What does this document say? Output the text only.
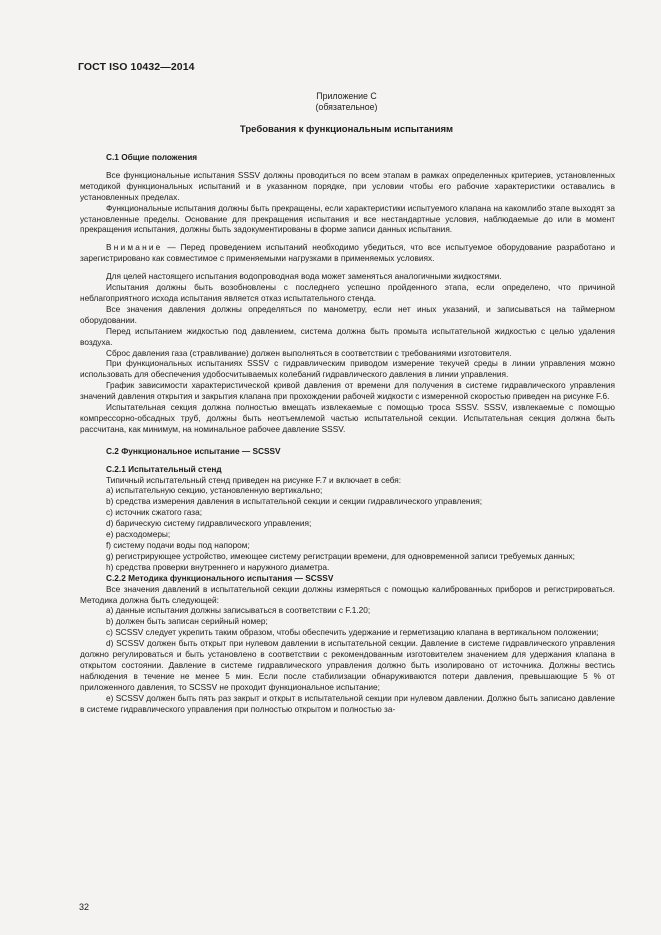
ГОСТ ISO 10432—2014
Приложение С
(обязательное)
Требования к функциональным испытаниям

С.1 Общие положения

Все функциональные испытания SSSV должны проводиться по всем этапам в рамках определенных критериев, установленных методикой функциональных испытаний и в указанном порядке, при условии чтобы его рабочие характеристики оставались в установленных пределах.

Функциональные испытания должны быть прекращены, если характеристики испытуемого клапана на какомлибо этапе выходят за установленные пределы. Основание для прекращения испытания и все нестандартные условия, наблюдаемые до или в момент прекращения испытания, должны быть задокументированы в форме записи данных испытания.

Внимание — Перед проведением испытаний необходимо убедиться, что все испытуемое оборудование разработано и зарегистрировано как совместимое с применяемыми нагрузками в применяемых условиях.

Для целей настоящего испытания водопроводная вода может заменяться аналогичными жидкостями.

Испытания должны быть возобновлены с последнего успешно пройденного этапа, если определено, что причиной неблагоприятного исхода испытания является отказ испытательного стенда.

Все значения давления должны определяться по манометру, если нет иных указаний, и записываться на таймерном оборудовании.

Перед испытанием жидкостью под давлением, система должна быть промыта испытательной жидкостью с целью удаления воздуха.

Сброс давления газа (стравливание) должен выполняться в соответствии с требованиями изготовителя.

При функциональных испытаниях SSSV с гидравлическим приводом измерение текучей среды в линии управления можно использовать для обеспечения удобосчитываемых колебаний гидравлического давления в линии управления.

График зависимости характеристической кривой давления от времени для получения в системе гидравлического управления значений давления открытия и закрытия клапана при прохождении рабочей жидкости с измеренной скоростью приведен на рисунке F.6.

Испытательная секция должна полностью вмещать извлекаемые с помощью троса SSSV. SSSV, извлекаемые с помощью компрессорно-обсадных труб, должны быть неотъемлемой частью испытательной секции. Испытательная секция должна быть рассчитана, как минимум, на номинальное рабочее давление SSSV.

С.2 Функциональное испытание — SCSSV

С.2.1 Испытательный стенд

Типичный испытательный стенд приведен на рисунке F.7 и включает в себя:

a) испытательную секцию, установленную вертикально;

b) средства измерения давления в испытательной секции и секции гидравлического управления;

c) источник сжатого газа;

d) барическую систему гидравлического управления;

e) расходомеры;

f) систему подачи воды под напором;

g) регистрирующее устройство, имеющее систему регистрации времени, для одновременной записи требуемых данных;

h) средства проверки внутреннего и наружного диаметра.

С.2.2 Методика функционального испытания — SCSSV

Все значения давлений в испытательной секции должны измеряться с помощью калиброванных приборов и регистрироваться. Методика должна быть следующей:

a) данные испытания должны записываться в соответствии с F.1.20;

b) должен быть записан серийный номер;

c) SCSSV следует укрепить таким образом, чтобы обеспечить удержание и герметизацию клапана в вертикальном положении;

d) SCSSV должен быть открыт при нулевом давлении в испытательной секции. Давление в системе гидравлического управления должно регулироваться и быть установлено в соответствии с рекомендованным изготовителем значением для удержания клапана в открытом состоянии. Давление в системе гидравлического управления должно быть изолировано от источника. Должны вестись наблюдения в течение не менее 5 мин. Если после стабилизации обнаруживаются потери давления, превышающие 5 % от приложенного давления, то SCSSV не проходит функциональное испытание;

e) SCSSV должен быть пять раз закрыт и открыт в испытательной секции при нулевом давлении. Должно быть записано давление в системе гидравлического управления при полностью открытом и полностью за-

32
